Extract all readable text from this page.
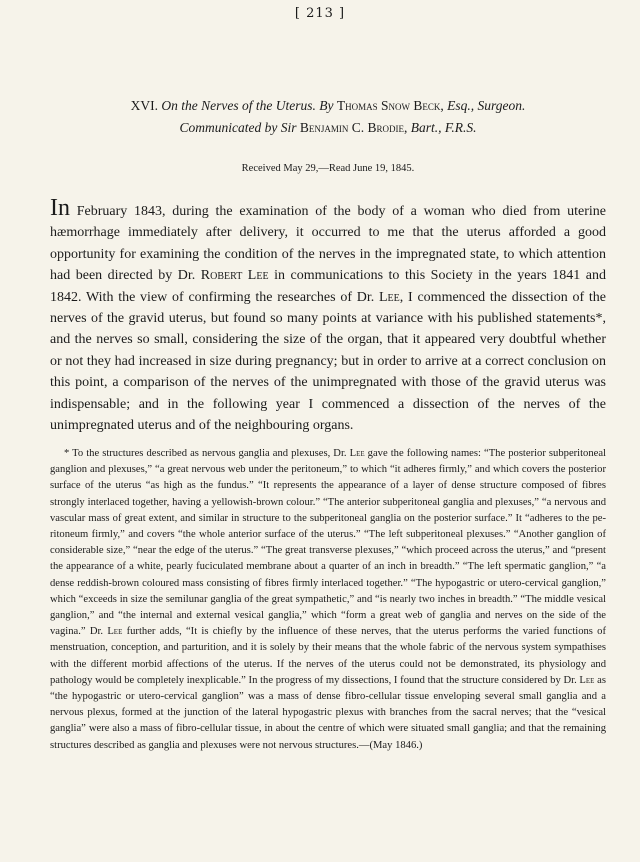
[ 213 ]
XVI. On the Nerves of the Uterus. By Thomas Snow Beck, Esq., Surgeon.
Communicated by Sir Benjamin C. Brodie, Bart., F.R.S.
Received May 29,—Read June 19, 1845.
In February 1843, during the examination of the body of a woman who died from uterine hæmorrhage immediately after delivery, it occurred to me that the uterus afforded a good opportunity for examining the condition of the nerves in the impregnated state, to which attention had been directed by Dr. Robert Lee in communications to this Society in the years 1841 and 1842. With the view of confirming the researches of Dr. Lee, I commenced the dissection of the nerves of the gravid uterus, but found so many points at variance with his published statements*, and the nerves so small, considering the size of the organ, that it appeared very doubtful whether or not they had increased in size during pregnancy; but in order to arrive at a correct conclusion on this point, a comparison of the nerves of the unimpregnated with those of the gravid uterus was indispensable; and in the following year I commenced a dissection of the nerves of the unimpregnated uterus and of the neighbouring organs.
* To the structures described as nervous ganglia and plexuses, Dr. Lee gave the following names: “The posterior subperitoneal ganglion and plexuses,” “a great nervous web under the peritoneum,” to which “it adheres firmly,” and which covers the posterior surface of the uterus “as high as the fundus.” “It represents the appearance of a layer of dense structure composed of fibres strongly interlaced together, having a yellowish-brown colour.” “The anterior subperitoneal ganglia and plexuses,” “a nervous and vascular mass of great extent, and similar in structure to the subperitoneal ganglia on the posterior surface.” It “adheres to the peritoneum firmly,” and covers “the whole anterior surface of the uterus.” “The left subperitoneal plexuses.” “Another ganglion of considerable size,” “near the edge of the uterus.” “The great transverse plexuses,” “which proceed across the uterus,” and “present the appearance of a white, pearly fuciculated membrane about a quarter of an inch in breadth.” “The left spermatic ganglion,” “a dense reddish-brown coloured mass consisting of fibres firmly interlaced together.” “The hypogastric or utero-cervical ganglion,” which “exceeds in size the semilunar ganglia of the great sympathetic,” and “is nearly two inches in breadth.” “The middle vesical ganglion,” and “the internal and external vesical ganglia,” which “form a great web of ganglia and nerves on the side of the vagina.” Dr. Lee further adds, “It is chiefly by the influence of these nerves, that the uterus performs the varied functions of menstruation, conception, and parturition, and it is solely by their means that the whole fabric of the nervous system sympathises with the different morbid affections of the uterus. If the nerves of the uterus could not be demonstrated, its physiology and pathology would be completely inexplicable.” In the progress of my dissections, I found that the structure considered by Dr. Lee as “the hypogastric or utero-cervical ganglion” was a mass of dense fibro-cellular tissue enveloping several small ganglia and a nervous plexus, formed at the junction of the lateral hypogastric plexus with branches from the sacral nerves; that the “vesical ganglia” were also a mass of fibro-cellular tissue, in about the centre of which were situated small ganglia; and that the remaining structures described as ganglia and plexuses were not nervous structures.—(May 1846.)
